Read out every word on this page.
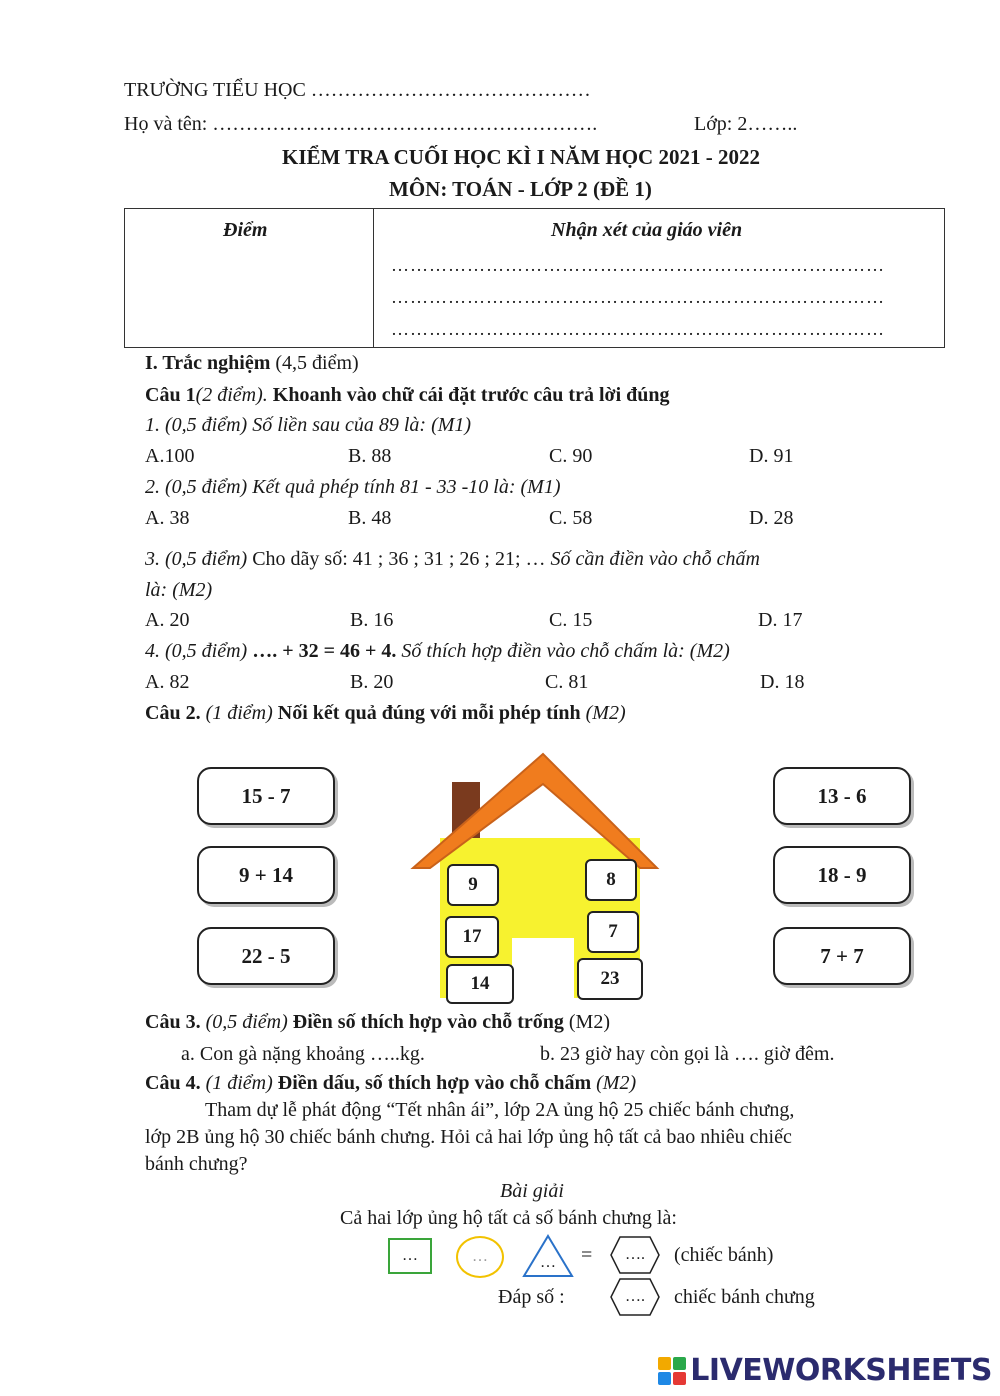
TRƯỜNG TIỂU HỌC ……………………………………
Họ và tên: ………………………………………………….	Lớp: 2……..
KIỂM TRA CUỐI HỌC KÌ I NĂM HỌC 2021 - 2022
MÔN: TOÁN - LỚP 2 (ĐỀ 1)
Điểm	Nhận xét của giáo viên
……………………………………………………………………
……………………………………………………………………
……………………………………………………………………
I. Trắc nghiệm (4,5 điểm)
Câu 1(2 điểm). Khoanh vào chữ cái đặt trước câu trả lời đúng
1. (0,5 điểm) Số liền sau của 89 là: (M1)
A.100	B. 88	C. 90	D. 91
2. (0,5 điểm) Kết quả phép tính 81 - 33 -10 là: (M1)
A. 38	B. 48	C. 58	D. 28
3. (0,5 điểm) Cho dãy số: 41 ; 36 ; 31 ; 26 ; 21; … Số cần điền vào chỗ chấm
là: (M2)
A. 20	B. 16	C. 15	D. 17
4. (0,5 điểm) …. + 32 = 46 + 4. Số thích hợp điền vào chỗ chấm là: (M2)
A. 82	B. 20	C. 81	D. 18
Câu 2. (1 điểm) Nối kết quả đúng với mỗi phép tính (M2)
15 - 7
9 + 14
22 - 5
13 - 6
18 - 9
7 + 7
9	8
17	7
14	23
Câu 3. (0,5 điểm) Điền số thích hợp vào chỗ trống (M2)
a. Con gà nặng khoảng …..kg.	b. 23 giờ hay còn gọi là …. giờ đêm.
Câu 4. (1 điểm) Điền dấu, số thích hợp vào chỗ chấm (M2)
Tham dự lễ phát động “Tết nhân ái”, lớp 2A ủng hộ 25 chiếc bánh chưng,
lớp 2B ủng hộ 30 chiếc bánh chưng. Hỏi cả hai lớp ủng hộ tất cả bao nhiêu chiếc
bánh chưng?
Bài giải
Cả hai lớp ủng hộ tất cả số bánh chưng là:
…	…	…	=	….	(chiếc bánh)
Đáp số :	….	chiếc bánh chưng
LIVEWORKSHEETS
